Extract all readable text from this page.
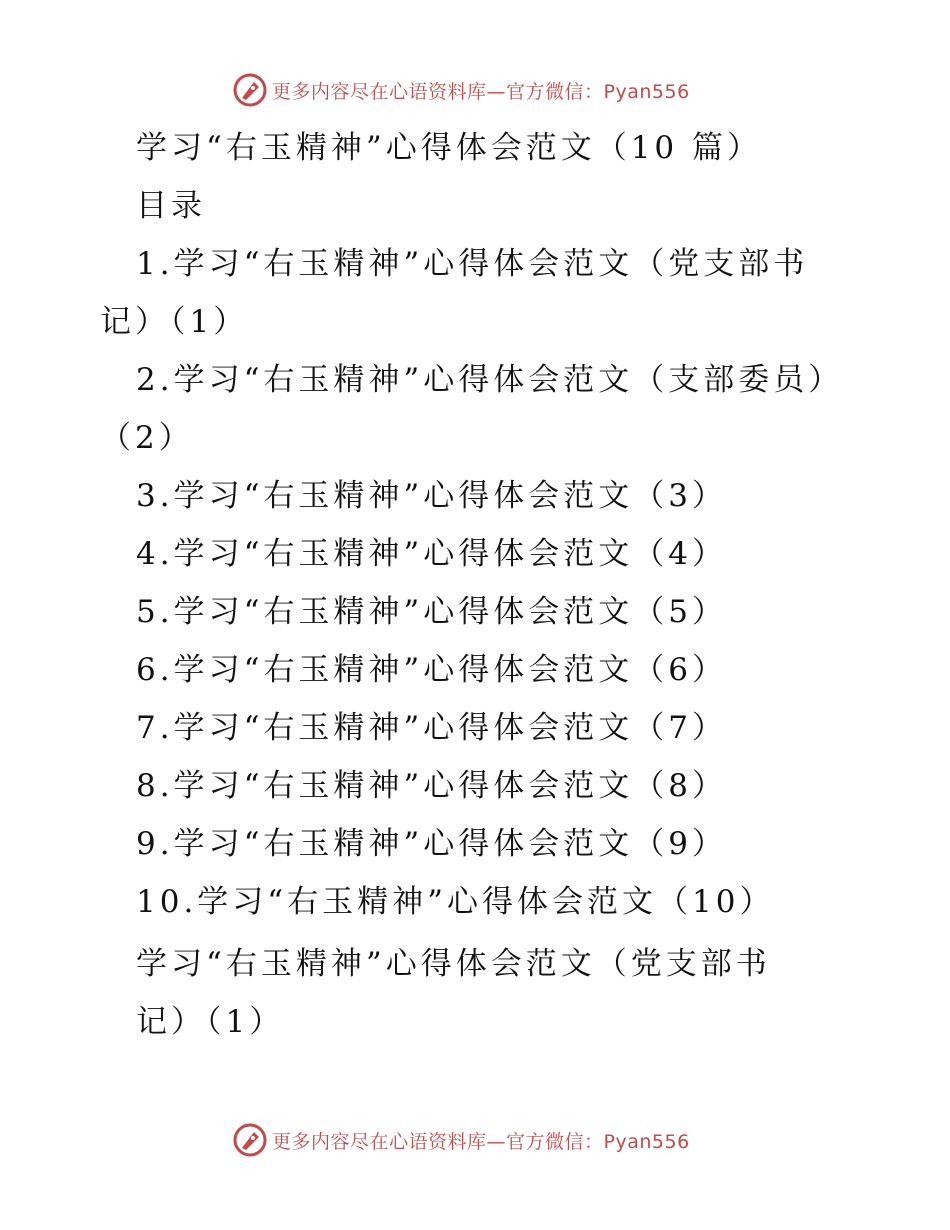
更多内容尽在心语资料库—官方微信：Pyan556
学习“右玉精神”心得体会范文（10 篇）
目录
1.学习“右玉精神”心得体会范文（党支部书
记）（1）
2.学习“右玉精神”心得体会范文（支部委员）
（2）
3.学习“右玉精神”心得体会范文（3）
4.学习“右玉精神”心得体会范文（4）
5.学习“右玉精神”心得体会范文（5）
6.学习“右玉精神”心得体会范文（6）
7.学习“右玉精神”心得体会范文（7）
8.学习“右玉精神”心得体会范文（8）
9.学习“右玉精神”心得体会范文（9）
10.学习“右玉精神”心得体会范文（10）
学习“右玉精神”心得体会范文（党支部书
记）（1）
更多内容尽在心语资料库—官方微信：Pyan556
